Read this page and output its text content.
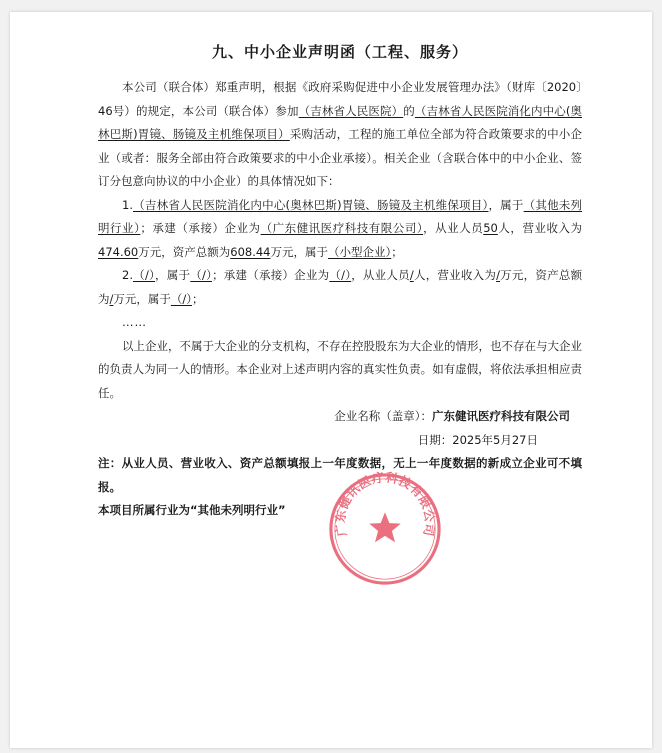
九、中小企业声明函（工程、服务）

本公司（联合体）郑重声明，根据《政府采购促进中小企业发展管理办法》（财库〔2020〕46号）的规定，本公司（联合体）参加（吉林省人民医院）的（吉林省人民医院消化内中心(奥林巴斯)胃镜、肠镜及主机维保项目）采购活动，工程的施工单位全部为符合政策要求的中小企业（或者：服务全部由符合政策要求的中小企业承接）。相关企业（含联合体中的中小企业、签订分包意向协议的中小企业）的具体情况如下：

1.（吉林省人民医院消化内中心(奥林巴斯)胃镜、肠镜及主机维保项目），属于（其他未列明行业）；承建（承接）企业为（广东健讯医疗科技有限公司），从业人员50人，营业收入为474.60万元，资产总额为608.44万元，属于（小型企业）；

2.（/），属于（/）；承建（承接）企业为（/），从业人员/人，营业收入为/万元，资产总额为/万元，属于（/）；

……

以上企业，不属于大企业的分支机构，不存在控股股东为大企业的情形，也不存在与大企业的负责人为同一人的情形。本企业对上述声明内容的真实性负责。如有虚假，将依法承担相应责任。

企业名称（盖章）：广东健讯医疗科技有限公司

日期：2025年5月27日

注：从业人员、营业收入、资产总额填报上一年度数据，无上一年度数据的新成立企业可不填报。

本项目所属行业为“其他未列明行业”

广东健讯医疗科技有限公司
